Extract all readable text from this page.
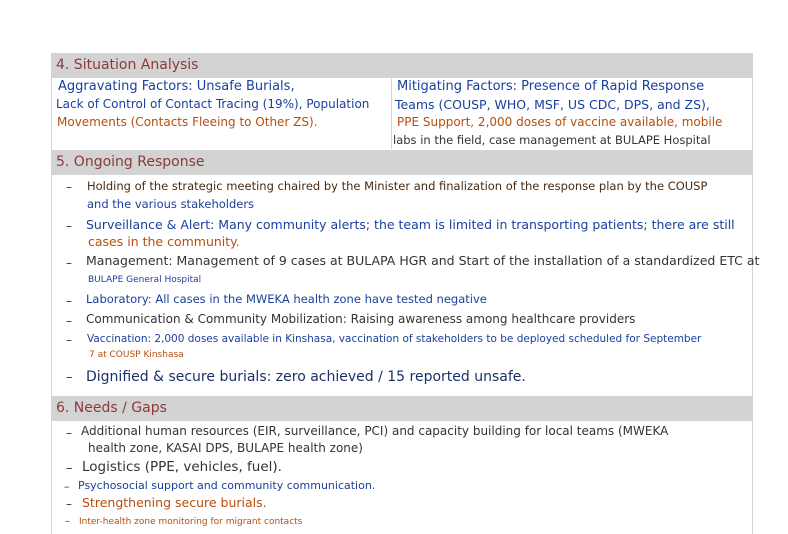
4. Situation Analysis
Aggravating Factors: Unsafe Burials,
Lack of Control of Contact Tracing (19%), Population
Movements (Contacts Fleeing to Other ZS).
Mitigating Factors: Presence of Rapid Response
Teams (COUSP, WHO, MSF, US CDC, DPS, and ZS),
PPE Support, 2,000 doses of vaccine available, mobile
labs in the field, case management at BULAPE Hospital
5. Ongoing Response
– Holding of the strategic meeting chaired by the Minister and finalization of the response plan by the COUSP
and the various stakeholders
– Surveillance & Alert: Many community alerts; the team is limited in transporting patients; there are still
cases in the community.
– Management: Management of 9 cases at BULAPA HGR and Start of the installation of a standardized ETC at
BULAPE General Hospital
– Laboratory: All cases in the MWEKA health zone have tested negative
– Communication & Community Mobilization: Raising awareness among healthcare providers
– Vaccination: 2,000 doses available in Kinshasa, vaccination of stakeholders to be deployed scheduled for September
7 at COUSP Kinshasa
– Dignified & secure burials: zero achieved / 15 reported unsafe.
6. Needs / Gaps
– Additional human resources (EIR, surveillance, PCI) and capacity building for local teams (MWEKA
health zone, KASAI DPS, BULAPE health zone)
– Logistics (PPE, vehicles, fuel).
– Psychosocial support and community communication.
– Strengthening secure burials.
– Inter-health zone monitoring for migrant contacts
